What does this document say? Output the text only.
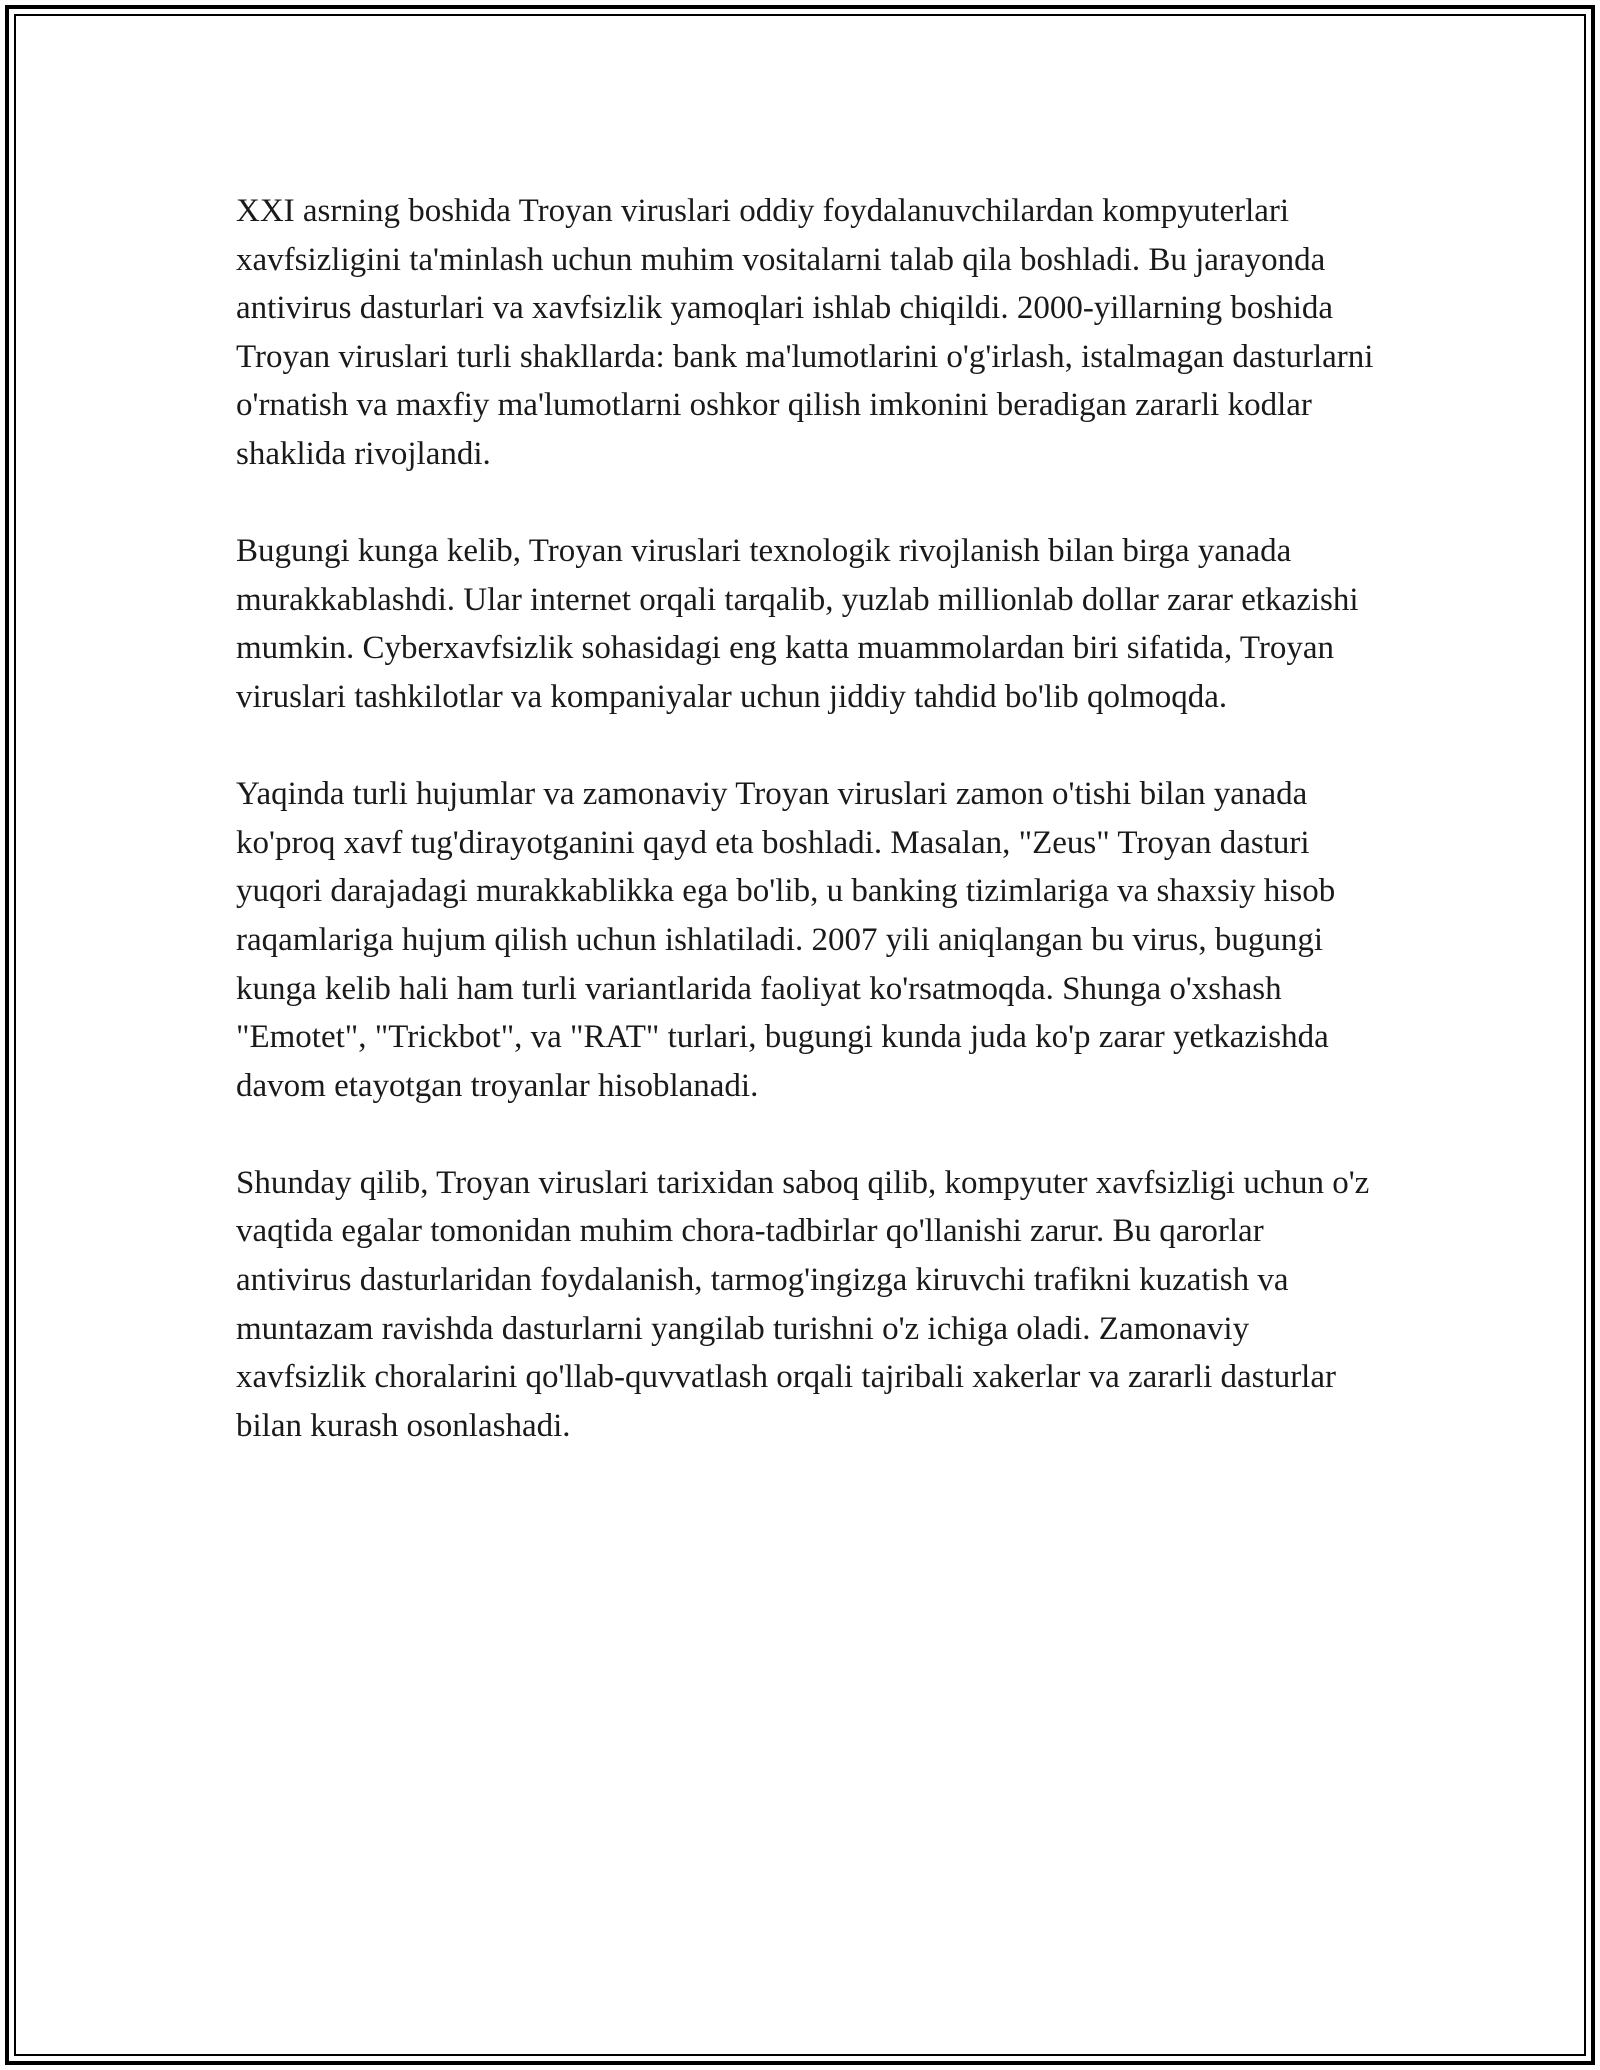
XXI asrning boshida Troyan viruslari oddiy foydalanuvchilardan kompyuterlari xavfsizligini ta'minlash uchun muhim vositalarni talab qila boshladi. Bu jarayonda antivirus dasturlari va xavfsizlik yamoqlari ishlab chiqildi. 2000-yillarning boshida Troyan viruslari turli shakllarda: bank ma'lumotlarini o'g'irlash, istalmagan dasturlarni o'rnatish va maxfiy ma'lumotlarni oshkor qilish imkonini beradigan zararli kodlar shaklida rivojlandi.

Bugungi kunga kelib, Troyan viruslari texnologik rivojlanish bilan birga yanada murakkablashdi. Ular internet orqali tarqalib, yuzlab millionlab dollar zarar etkazishi mumkin. Cyberxavfsizlik sohasidagi eng katta muammolardan biri sifatida, Troyan viruslari tashkilotlar va kompaniyalar uchun jiddiy tahdid bo'lib qolmoqda.

Yaqinda turli hujumlar va zamonaviy Troyan viruslari zamon o'tishi bilan yanada ko'proq xavf tug'dirayotganini qayd eta boshladi. Masalan, "Zeus" Troyan dasturi yuqori darajadagi murakkablikka ega bo'lib, u banking tizimlariga va shaxsiy hisob raqamlariga hujum qilish uchun ishlatiladi. 2007 yili aniqlangan bu virus, bugungi kunga kelib hali ham turli variantlarida faoliyat ko'rsatmoqda. Shunga o'xshash "Emotet", "Trickbot", va "RAT" turlari, bugungi kunda juda ko'p zarar yetkazishda davom etayotgan troyanlar hisoblanadi.

Shunday qilib, Troyan viruslari tarixidan saboq qilib, kompyuter xavfsizligi uchun o'z vaqtida egalar tomonidan muhim chora-tadbirlar qo'llanishi zarur. Bu qarorlar antivirus dasturlaridan foydalanish, tarmog'ingizga kiruvchi trafikni kuzatish va muntazam ravishda dasturlarni yangilab turishni o'z ichiga oladi. Zamonaviy xavfsizlik choralarini qo'llab-quvvatlash orqali tajribali xakerlar va zararli dasturlar bilan kurash osonlashadi.
